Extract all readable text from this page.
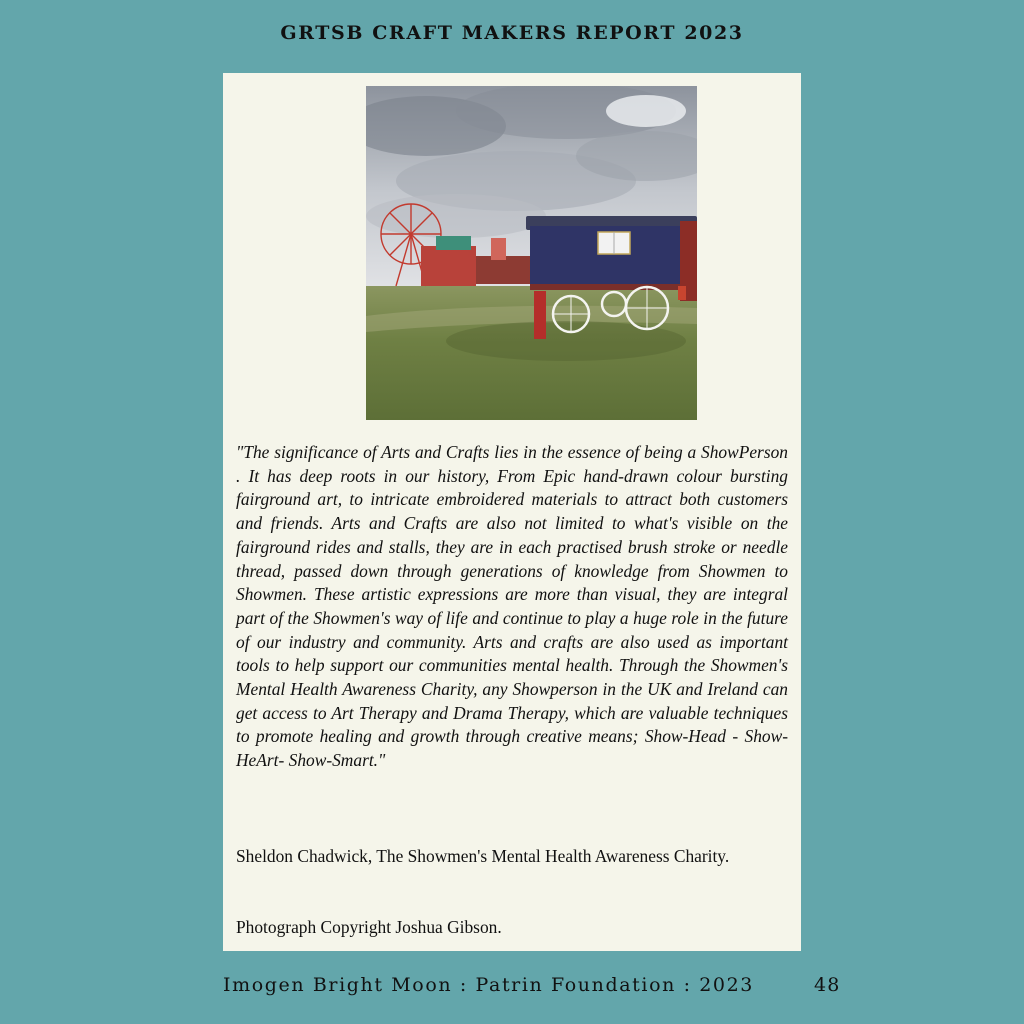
GRTSB CRAFT MAKERS REPORT 2023

"The significance of Arts and Crafts lies in the essence of being a ShowPerson . It has deep roots in our history, From Epic hand-drawn colour bursting fairground art, to intricate embroidered materials to attract both customers and friends. Arts and Crafts are also not limited to what's visible on the fairground rides and stalls, they are in each practised brush stroke or needle thread, passed down through generations of knowledge from Showmen to Showmen. These artistic expressions are more than visual, they are integral part of the Showmen's way of life and continue to play a huge role in the future of our industry and community. Arts and crafts are also used as important tools to help support our communities mental health. Through the Showmen's Mental Health Awareness Charity, any Showperson in the UK and Ireland can get access to Art Therapy and Drama Therapy, which are valuable techniques to promote healing and growth through creative means; Show-Head - Show-HeArt- Show-Smart."

Sheldon Chadwick, The Showmen's Mental Health Awareness Charity.

Photograph Copyright Joshua Gibson.

Imogen Bright Moon : Patrin Foundation : 2023	48
